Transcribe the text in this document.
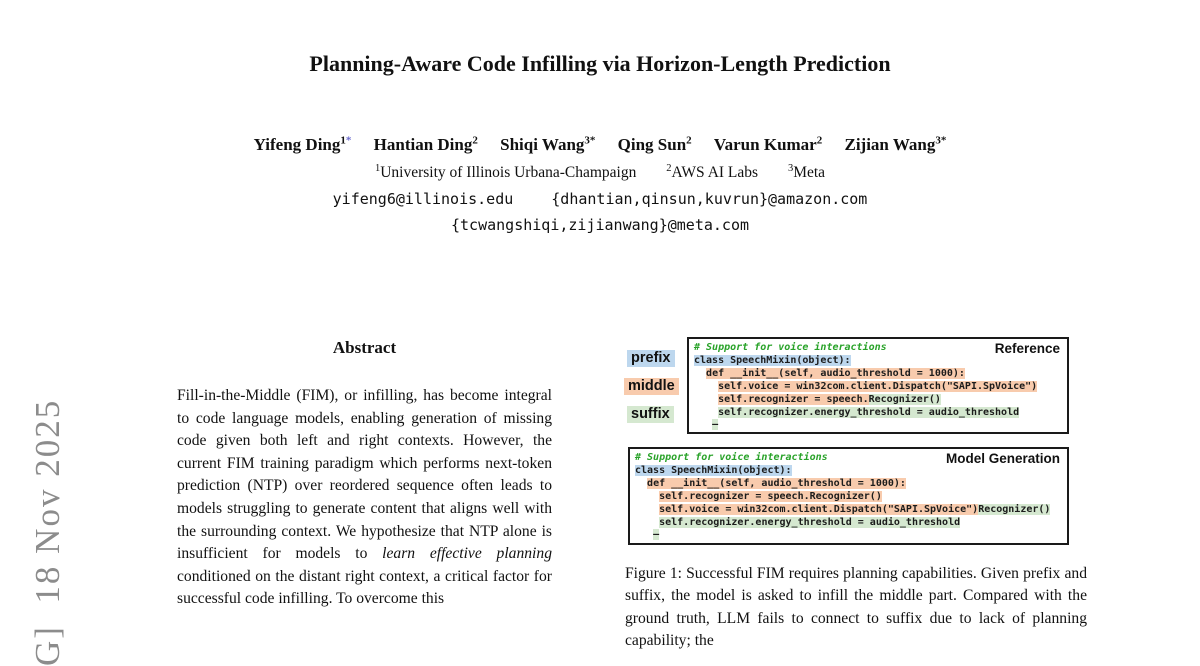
G]  18 Nov 2025
Planning-Aware Code Infilling via Horizon-Length Prediction
Yifeng Ding$^{1*}$ Hantian Ding$^2$ Shiqi Wang$^{3*}$ Qing Sun$^2$ Varun Kumar$^2$ Zijian Wang$^{3*}$
$^1$University of Illinois Urbana-Champaign	$^2$AWS AI Labs	$^3$Meta
yifeng6@illinois.edu	{dhantian,qinsun,kuvrun}@amazon.com
{tcwangshiqi,zijianwang}@meta.com
Abstract

Fill-in-the-Middle (FIM), or infilling, has become integral to code language models, enabling generation of missing code given both left and right contexts. However, the current FIM training paradigm which performs next-token prediction (NTP) over reordered sequence often leads to models struggling to generate content that aligns well with the surrounding context. We hypothesize that NTP alone is insufficient for models to learn effective planning conditioned on the distant right context, a critical factor for successful code infilling. To overcome this

prefix
middle
suffix
Reference
# Support for voice interactions
class SpeechMixin(object):
def __init__(self, audio_threshold = 1000):
self.voice = win32com.client.Dispatch("SAPI.SpVoice")
self.recognizer = speech.Recognizer()
self.recognizer.energy_threshold = audio_threshold
–
Model Generation
# Support for voice interactions
class SpeechMixin(object):
def __init__(self, audio_threshold = 1000):
self.recognizer = speech.Recognizer()
self.voice = win32com.client.Dispatch("SAPI.SpVoice")Recognizer()
self.recognizer.energy_threshold = audio_threshold
–

Figure 1: Successful FIM requires planning capabilities. Given prefix and suffix, the model is asked to infill the middle part. Compared with the ground truth, LLM fails to connect to suffix due to lack of planning capability; the
